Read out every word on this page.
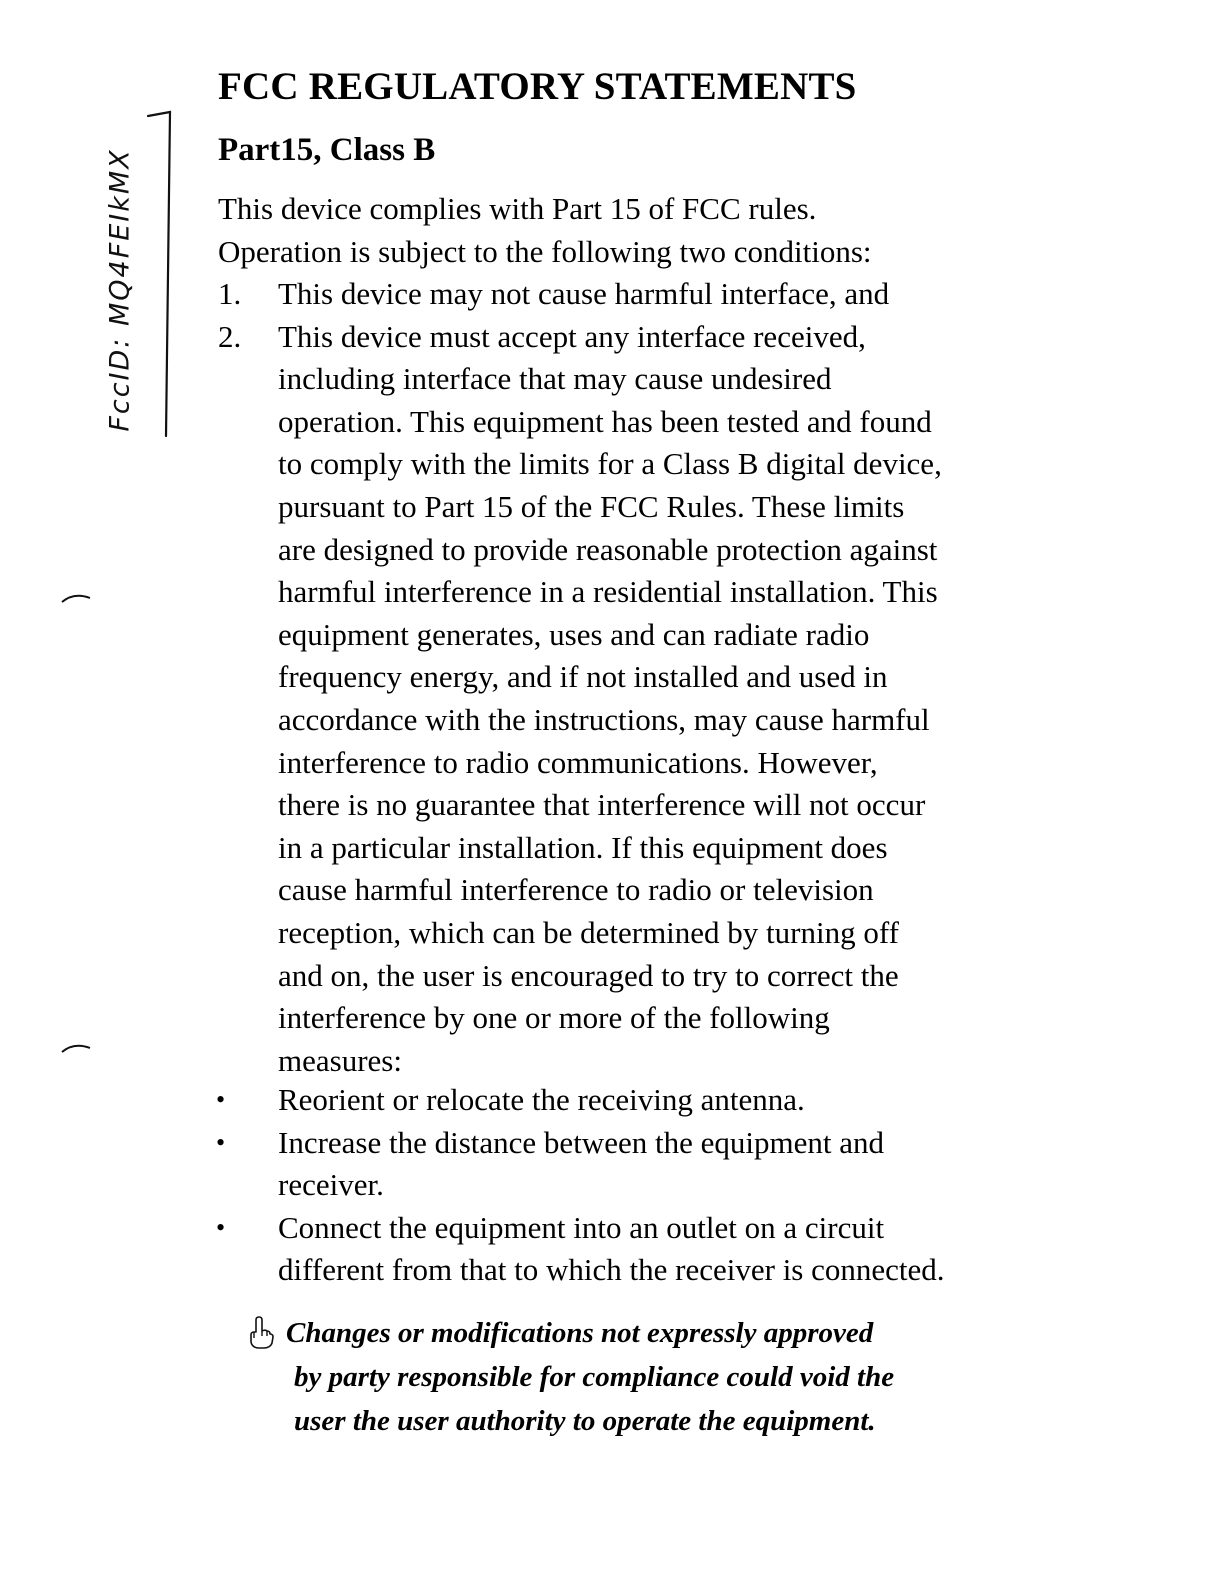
FccID: MQ4FEIkMX
FCC REGULATORY STATEMENTS
Part15, Class B
This device complies with Part 15 of FCC rules.
Operation is subject to the following two conditions:
1. This device may not cause harmful interface, and
2. This device must accept any interface received,
including interface that may cause undesired
operation. This equipment has been tested and found
to comply with the limits for a Class B digital device,
pursuant to Part 15 of the FCC Rules. These limits
are designed to provide reasonable protection against
harmful interference in a residential installation. This
equipment generates, uses and can radiate radio
frequency energy, and if not installed and used in
accordance with the instructions, may cause harmful
interference to radio communications. However,
there is no guarantee that interference will not occur
in a particular installation. If this equipment does
cause harmful interference to radio or television
reception, which can be determined by turning off
and on, the user is encouraged to try to correct the
interference by one or more of the following
measures:
• Reorient or relocate the receiving antenna.
• Increase the distance between the equipment and
receiver.
• Connect the equipment into an outlet on a circuit
different from that to which the receiver is connected.
Changes or modifications not expressly approved
by party responsible for compliance could void the
user the user authority to operate the equipment.
